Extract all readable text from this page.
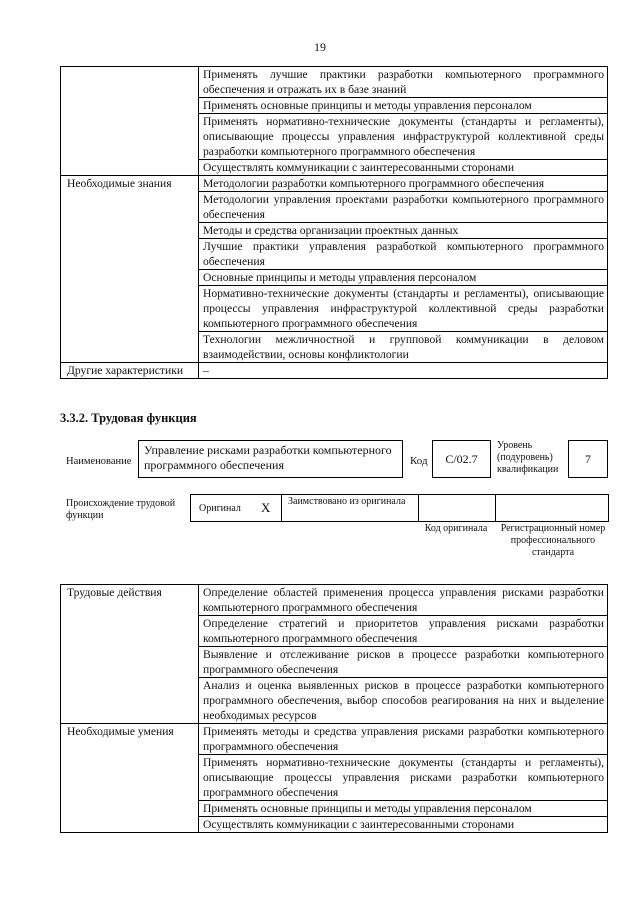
19
	Применять лучшие практики разработки компьютерного программного обеспечения и отражать их в базе знаний
	Применять основные принципы и методы управления персоналом
	Применять нормативно-технические документы (стандарты и регламенты), описывающие процессы управления инфраструктурой коллективной среды разработки компьютерного программного обеспечения
	Осуществлять коммуникации с заинтересованными сторонами
Необходимые знания	Методологии разработки компьютерного программного обеспечения
	Методологии управления проектами разработки компьютерного программного обеспечения
	Методы и средства организации проектных данных
	Лучшие практики управления разработкой компьютерного программного обеспечения
	Основные принципы и методы управления персоналом
	Нормативно-технические документы (стандарты и регламенты), описывающие процессы управления инфраструктурой коллективной среды разработки компьютерного программного обеспечения
	Технологии межличностной и групповой коммуникации в деловом взаимодействии, основы конфликтологии
Другие характеристики	–
3.3.2. Трудовая функция
Наименование
Управление рисками разработки компьютерного программного обеспечения	Код	C/02.7
Уровень (подуровень) квалификации
7
Происхождение трудовой функции
Оригинал X Заимствовано из оригинала
Код оригинала	Регистрационный номер профессионального стандарта
Трудовые действия	Определение областей применения процесса управления рисками разработки компьютерного программного обеспечения
	Определение стратегий и приоритетов управления рисками разработки компьютерного программного обеспечения
	Выявление и отслеживание рисков в процессе разработки компьютерного программного обеспечения
	Анализ и оценка выявленных рисков в процессе разработки компьютерного программного обеспечения, выбор способов реагирования на них и выделение необходимых ресурсов
Необходимые умения	Применять методы и средства управления рисками разработки компьютерного программного обеспечения
	Применять нормативно-технические документы (стандарты и регламенты), описывающие процессы управления рисками разработки компьютерного программного обеспечения
	Применять основные принципы и методы управления персоналом
	Осуществлять коммуникации с заинтересованными сторонами
